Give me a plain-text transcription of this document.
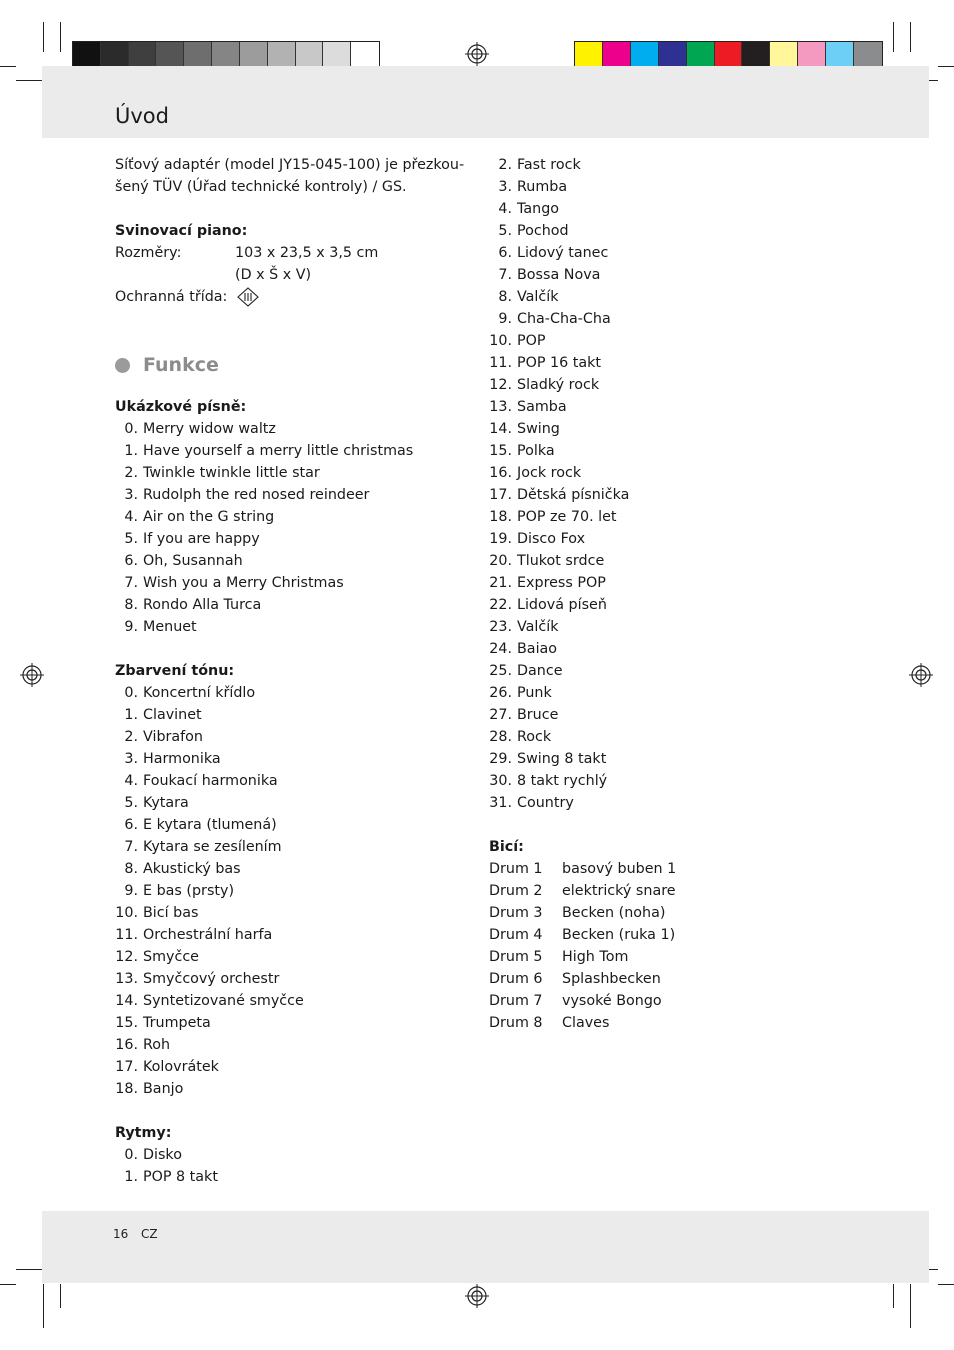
Úvod
Síťový adaptér (model JY15-045-100) je přezkou-
šený TÜV (Úřad technické kontroly) / GS.
Svinovací piano:
Rozměry:	103 x 23,5 x 3,5 cm
(D x Š x V)
Ochranná třída:
Funkce
Ukázkové písně:
0. Merry widow waltz
1. Have yourself a merry little christmas
2. Twinkle twinkle little star
3. Rudolph the red nosed reindeer
4. Air on the G string
5. If you are happy
6. Oh, Susannah
7. Wish you a Merry Christmas
8. Rondo Alla Turca
9. Menuet
Zbarvení tónu:
0. Koncertní křídlo
1. Clavinet
2. Vibrafon
3. Harmonika
4. Foukací harmonika
5. Kytara
6. E kytara (tlumená)
7. Kytara se zesílením
8. Akustický bas
9. E bas (prsty)
10. Bicí bas
11. Orchestrální harfa
12. Smyčce
13. Smyčcový orchestr
14. Syntetizované smyčce
15. Trumpeta
16. Roh
17. Kolovrátek
18. Banjo
Rytmy:
0. Disko
1. POP 8 takt
2. Fast rock
3. Rumba
4. Tango
5. Pochod
6. Lidový tanec
7. Bossa Nova
8. Valčík
9. Cha-Cha-Cha
10. POP
11. POP 16 takt
12. Sladký rock
13. Samba
14. Swing
15. Polka
16. Jock rock
17. Dětská písnička
18. POP ze 70. let
19. Disco Fox
20. Tlukot srdce
21. Express POP
22. Lidová píseň
23. Valčík
24. Baiao
25. Dance
26. Punk
27. Bruce
28. Rock
29. Swing 8 takt
30. 8 takt rychlý
31. Country
Bicí:
Drum 1	basový buben 1
Drum 2	elektrický snare
Drum 3	Becken (noha)
Drum 4	Becken (ruka 1)
Drum 5	High Tom
Drum 6	Splashbecken
Drum 7	vysoké Bongo
Drum 8	Claves
16 CZ
